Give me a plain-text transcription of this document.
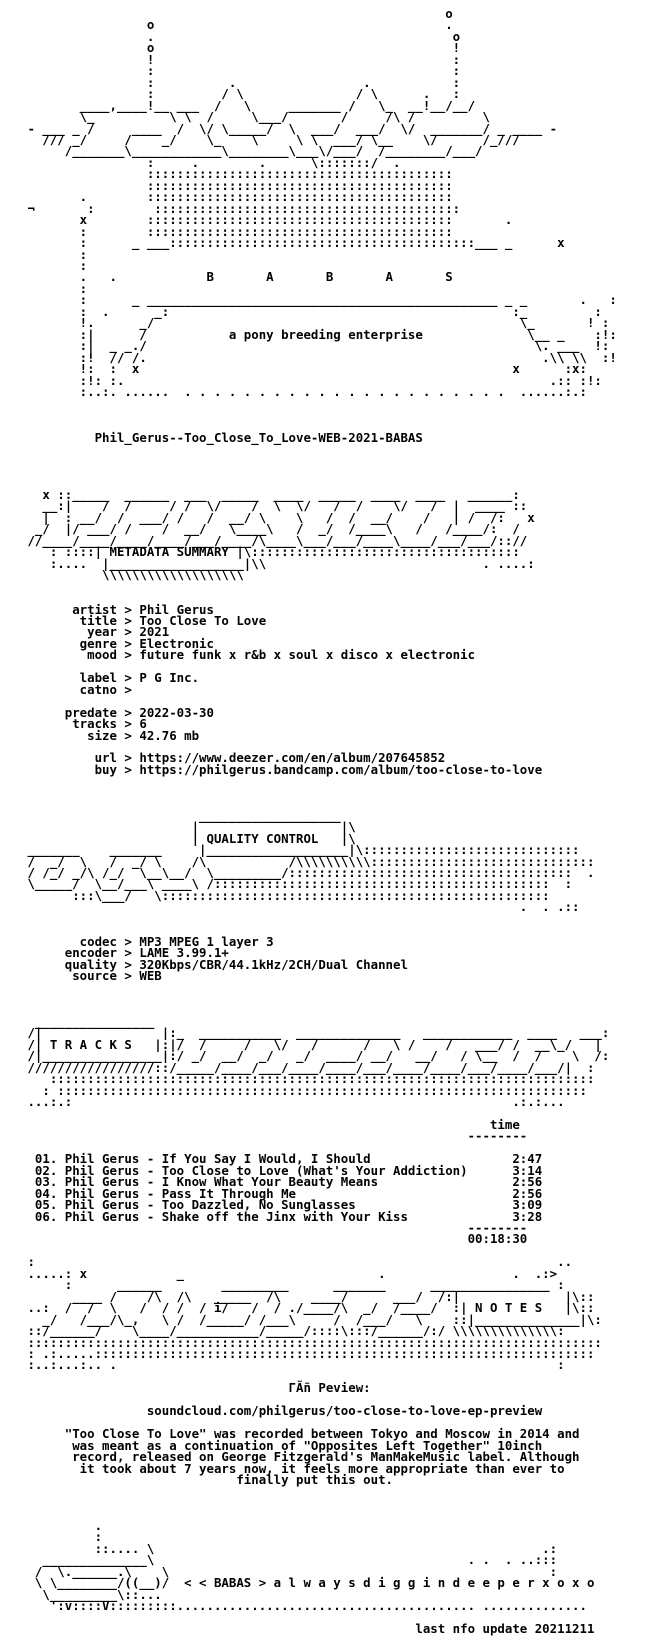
o
o                                       .
.                                        o
o                                        !
!                                        :
:                                        :
:          .                 .           :
:         / \               / \      .   :
____,____!__ ___  /   \     _______ /   \_  __!__/__/
\_          \ \  /     \___/       /     /\ /         \
- ___ _ /     ____  /  \/ \_____/  \  ___/  ___/  \/  _______/ _ ____ -
/// _/     /    _/    \_    \     \ \  ___/ \__    \/      /_///
/_______\____________\________\___\/___/  /________/___/
:     .        .      \:::::::/  .
:::::::::::::::::::::::::::::::::::::::::
:::::::::::::::::::::::::::::::::::::::::
.        :::::::::::::::::::::::::::::::::::::::::
¬       :        :::::::::::::::::::::::::::::::::::::::::
x        :::::::::::::::::::::::::::::::::::::::::       .
:        :::::::::::::::::::::::::::::::::::::::::
:      _ ___:::::::::::::::::::::::::::::::::::::::::___ _      x
:
:
.   .            B       A       B       A       S
:
:      _ _______________________________________________ _ _       .   :
:  .      _:                                              :_         :
!.      _/                                                 \_       ! :
:|      /           a pony breeding enterprise              \__ _    :!:
:|  _ _./                                                    \. ___  !:
:!  // /.                                                     .\\ \\  :!
!:  :  x                                                  x      :x:
:!: :.                                                         .:: :!:
:..:. ......  . . . . . . . . . . . . . . . . . . . . . .  ......:.:

Phil_Gerus--Too_Close_To_Love-WEB-2021-BABAS

x ::_____  ______  ___  _____  ____  _____  ____  ____   ______:
__:|    /  /     / /  \/    /  \  \/   /  /    \/   /  |  ____ ::
|  : __/  /  ___/ /   /  __/ \    \   /  /  __/    /   | /  /:   x
_/  |/ ___/ /    /  __/   \____\   /  _/  /____\   /   /____/:  /
//____/____/____/____/___/____/\____\___/___/____\____/___/___/:://
: ::::| METADATA SUMMARY |\::::::::::::::::::::::::::::::::::::
:....  |__________________|\\                             . ....:
\\\\\\\\\\\\\\\\\\\

artist > Phil Gerus
title > Too Close To Love
year > 2021
genre > Electronic
mood > future funk x r&b x soul x disco x electronic

label > P G Inc.
catno >

predate > 2022-03-30
tracks > 6
size > 42.76 mb

url > https://www.deezer.com/en/album/207645852
buy > https://philgerus.bandcamp.com/album/too-close-to-love

___________________
|                   |\
| QUALITY CONTROL   |\
_______    _______     |___________________|\:::::::::::::::::::::::::::::
/  _/  \   /  _/ \    /\           /\\\\\\\\\\::::::::::::::::::::::::::::::
/ /_/ _/\ /_/  \__\__/  \_________/::::::::::::::::::::::::::::::::::::::  .
\_____/  \__/___\ ____\ /:::::::::::::::::::::::::::::::::::::::::::::  :
:::\___/   \::::::::::::::::::::::::::::::::::::::::::::::::::::
.  . .::

codec > MP3 MPEG 1 layer 3
encoder > LAME 3.99.1+
quality > 320Kbps/CBR/44.1kHz/2CH/Dual Channel
source > WEB

________________
/|                |:_  ___________  ______________   ____________  ____   ___:
/| T R A C K S   |:|/  /     /   \/   /      /   \ /    /   ___/ /  __\_/   |
/|________________|:/ _/  __/  _/   _/  ____/ __/   __/   / \__  /  /    \  /:
/////////////////::/_____/____/___/____/____/___/____/____/___/____/___/|  :
:::::::::::::::::::::::::::::::::::::::::::::::::::::::::::::::::::::::::
: :::::::::::::::::::::::::::::::::::::::::::::::::::::::::::::::::::::::
...:.:                                                           .:.:...

time
--------

01. Phil Gerus - If You Say I Would, I Should                   2:47
02. Phil Gerus - Too Close to Love (What's Your Addiction)      3:14
03. Phil Gerus - I Know What Your Beauty Means                  2:56
04. Phil Gerus - Pass It Through Me                             2:56
05. Phil Gerus - Too Dazzled, No Sunglasses                     3:09
06. Phil Gerus - Shake off the Jinx with Your Kiss              3:28
--------
00:18:30

:                                                                      ..
.....: x            _                          .                 .  .:>
:      ______        _________      _______      ________________ :
____ /    /\  /\   _____  /\    ____/      ___/  /:|              |\::
..:  /  /  \   /  / /  / i/   /  / ./____/\  _/  /____/  :| N O T E S   |\::
_/   /___/\_,   \ /  /_____/ /___\     /  /___/   \    ::|______________|\:
::/______/    \____/___________/_____/::::\:::/______/:/ \\\\\\\\\\\\\\:
:::::::::::::::::::::::::::::::::::::::::::::::::::::::::::::::::::::::::::::
: .:.....:::::::::::::::::::::::::::::::::::::::::::::::::::::::::::::::::::
:..:...:.. .                                                           :

ΓÃñ Peview:

soundcloud.com/philgerus/too-close-to-love-ep-preview

"Too Close To Love" was recorded between Tokyo and Moscow in 2014 and
was meant as a continuation of "Opposites Left Together" 10inch
record, released on George Fitzgerald's ManMakeMusic label. Although
it took about 7 years now, it feels more appropriate than ever to
finally put this out.

.
:
::.... \                                                    .:
______________\                                          . .  . ..:::
/  \.______.\    \                                                   :
\ \________/((__)/  < < BABAS > a l w a y s d i g g i n d e e p e r x o x o
\_________\::...
':v::::V:::::::::........................................ ..............

last nfo update 20211211
